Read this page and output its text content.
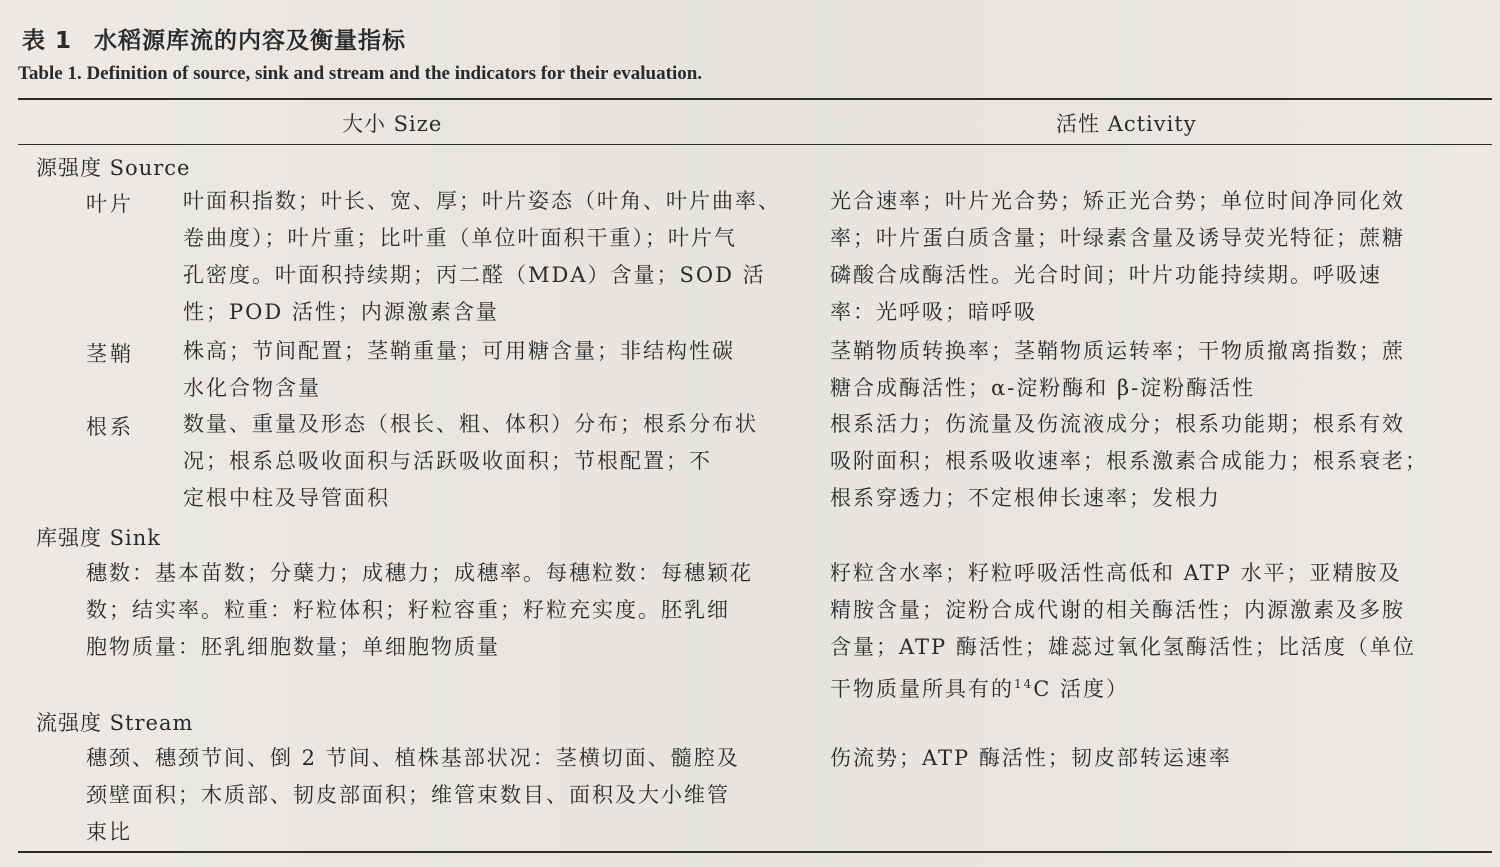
表 1 水稻源库流的内容及衡量指标
Table 1. Definition of source, sink and stream and the indicators for their evaluation.
大小 Size	活性 Activity
源强度 Source
叶片 叶面积指数；叶长、宽、厚；叶片姿态（叶角、叶片曲率、
卷曲度）；叶片重；比叶重（单位叶面积干重）；叶片气
孔密度。叶面积持续期；丙二醛（MDA）含量；SOD 活
性；POD 活性；内源激素含量
光合速率；叶片光合势；矫正光合势；单位时间净同化效
率；叶片蛋白质含量；叶绿素含量及诱导荧光特征；蔗糖
磷酸合成酶活性。光合时间；叶片功能持续期。呼吸速
率：光呼吸；暗呼吸
茎鞘 株高；节间配置；茎鞘重量；可用糖含量；非结构性碳
水化合物含量
茎鞘物质转换率；茎鞘物质运转率；干物质撤离指数；蔗
糖合成酶活性；α-淀粉酶和 β-淀粉酶活性
根系 数量、重量及形态（根长、粗、体积）分布；根系分布状
况；根系总吸收面积与活跃吸收面积；节根配置；不
定根中柱及导管面积
根系活力；伤流量及伤流液成分；根系功能期；根系有效
吸附面积；根系吸收速率；根系激素合成能力；根系衰老；
根系穿透力；不定根伸长速率；发根力
库强度 Sink
穗数：基本苗数；分蘖力；成穗力；成穗率。每穗粒数：每穗颖花
数；结实率。粒重：籽粒体积；籽粒容重；籽粒充实度。胚乳细
胞物质量：胚乳细胞数量；单细胞物质量
籽粒含水率；籽粒呼吸活性高低和 ATP 水平；亚精胺及
精胺含量；淀粉合成代谢的相关酶活性；内源激素及多胺
含量；ATP 酶活性；雄蕊过氧化氢酶活性；比活度（单位
干物质量所具有的$^{14}$C 活度）
流强度 Stream
穗颈、穗颈节间、倒 2 节间、植株基部状况：茎横切面、髓腔及
颈壁面积；木质部、韧皮部面积；维管束数目、面积及大小维管
束比
伤流势；ATP 酶活性；韧皮部转运速率
